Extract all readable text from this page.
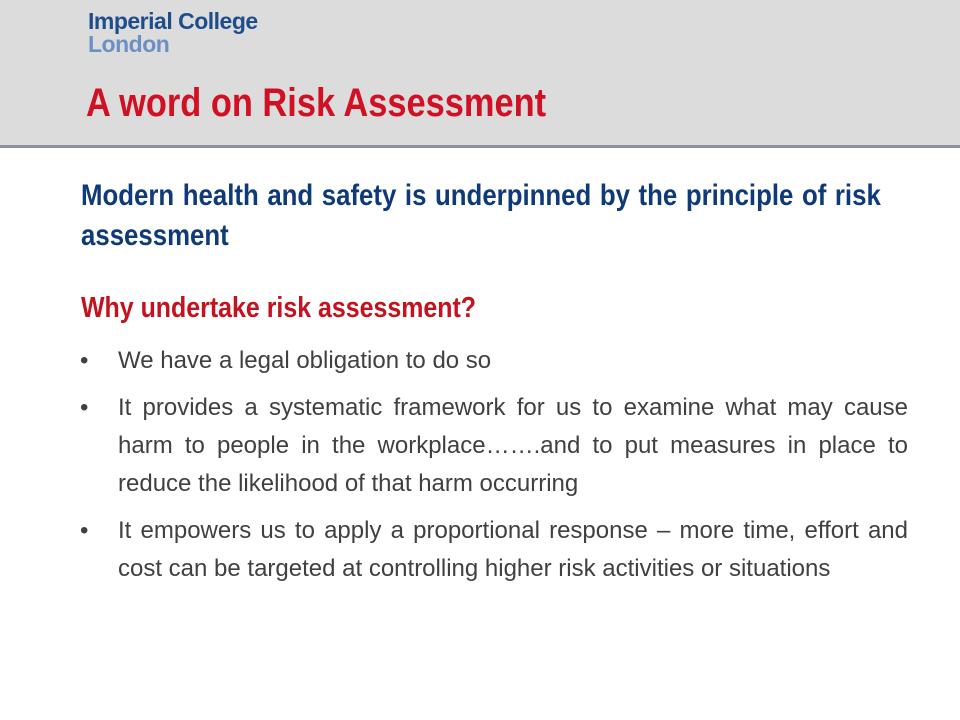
Imperial College
London
A word on Risk Assessment

Modern health and safety is underpinned by the principle of risk assessment

Why undertake risk assessment?

• We have a legal obligation to do so
• It provides a systematic framework for us to examine what may cause harm to people in the workplace…….and to put measures in place to reduce the likelihood of that harm occurring
• It empowers us to apply a proportional response – more time, effort and cost can be targeted at controlling higher risk activities or situations
